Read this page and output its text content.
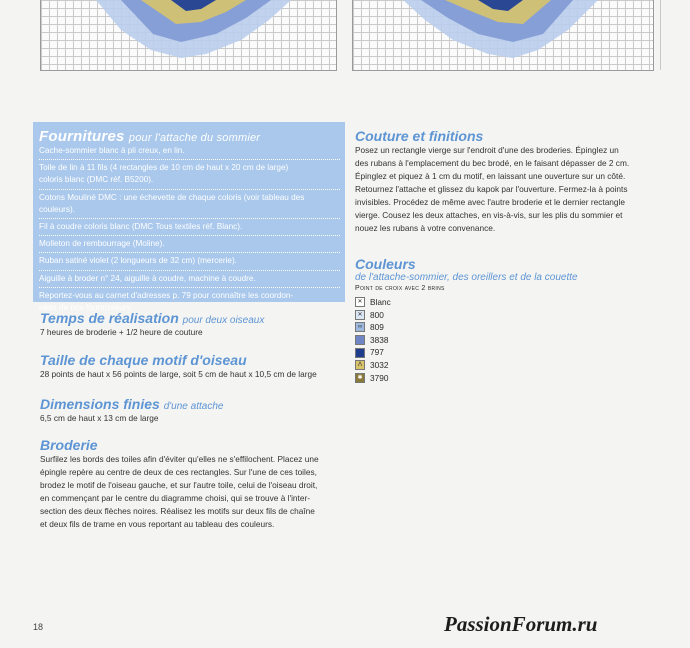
Fournitures pour l'attache du sommier

Cache-sommier blanc à pli creux, en lin.

Toile de lin à 11 fils (4 rectangles de 10 cm de haut x 20 cm de large)

coloris blanc (DMC réf. B5200).

Cotons Mouliné DMC : une échevette de chaque coloris (voir tableau des

couleurs).

Fil à coudre coloris blanc (DMC Tous textiles réf. Blanc).

Molleton de rembourrage (Moline).

Ruban satiné violet (2 longueurs de 32 cm) (mercerie).

Aiguille à broder n° 24, aiguille à coudre, machine à coudre.

Reportez-vous au carnet d'adresses p. 79 pour connaître les coordon-

nées de nos fournisseurs.

Temps de réalisation pour deux oiseaux

7 heures de broderie + 1/2 heure de couture

Taille de chaque motif d'oiseau

28 points de haut x 56 points de large, soit 5 cm de haut x 10,5 cm de large

Dimensions finies d'une attache

6,5 cm de haut x 13 cm de large

Broderie

Surfilez les bords des toiles afin d'éviter qu'elles ne s'effilochent. Placez une

épingle repère au centre de deux de ces rectangles. Sur l'une de ces toiles,

brodez le motif de l'oiseau gauche, et sur l'autre toile, celui de l'oiseau droit,

en commençant par le centre du diagramme choisi, qui se trouve à l'inter-

section des deux flèches noires. Réalisez les motifs sur deux fils de chaîne

et deux fils de trame en vous reportant au tableau des couleurs.

Couture et finitions

Posez un rectangle vierge sur l'endroit d'une des broderies. Épinglez un

des rubans à l'emplacement du bec brodé, en le faisant dépasser de 2 cm.

Épinglez et piquez à 1 cm du motif, en laissant une ouverture sur un côté.

Retournez l'attache et glissez du kapok par l'ouverture. Fermez-la à points

invisibles. Procédez de même avec l'autre broderie et le dernier rectangle

vierge. Cousez les deux attaches, en vis-à-vis, sur les plis du sommier et

nouez les rubans à votre convenance.

Couleurs
de l'attache-sommier, des oreillers et de la couette
Point de croix avec 2 brins
✕ Blanc
✕ 800
∞ 809
3838
797
Λ 3032
✱ 3790
18	PassionForum.ru
